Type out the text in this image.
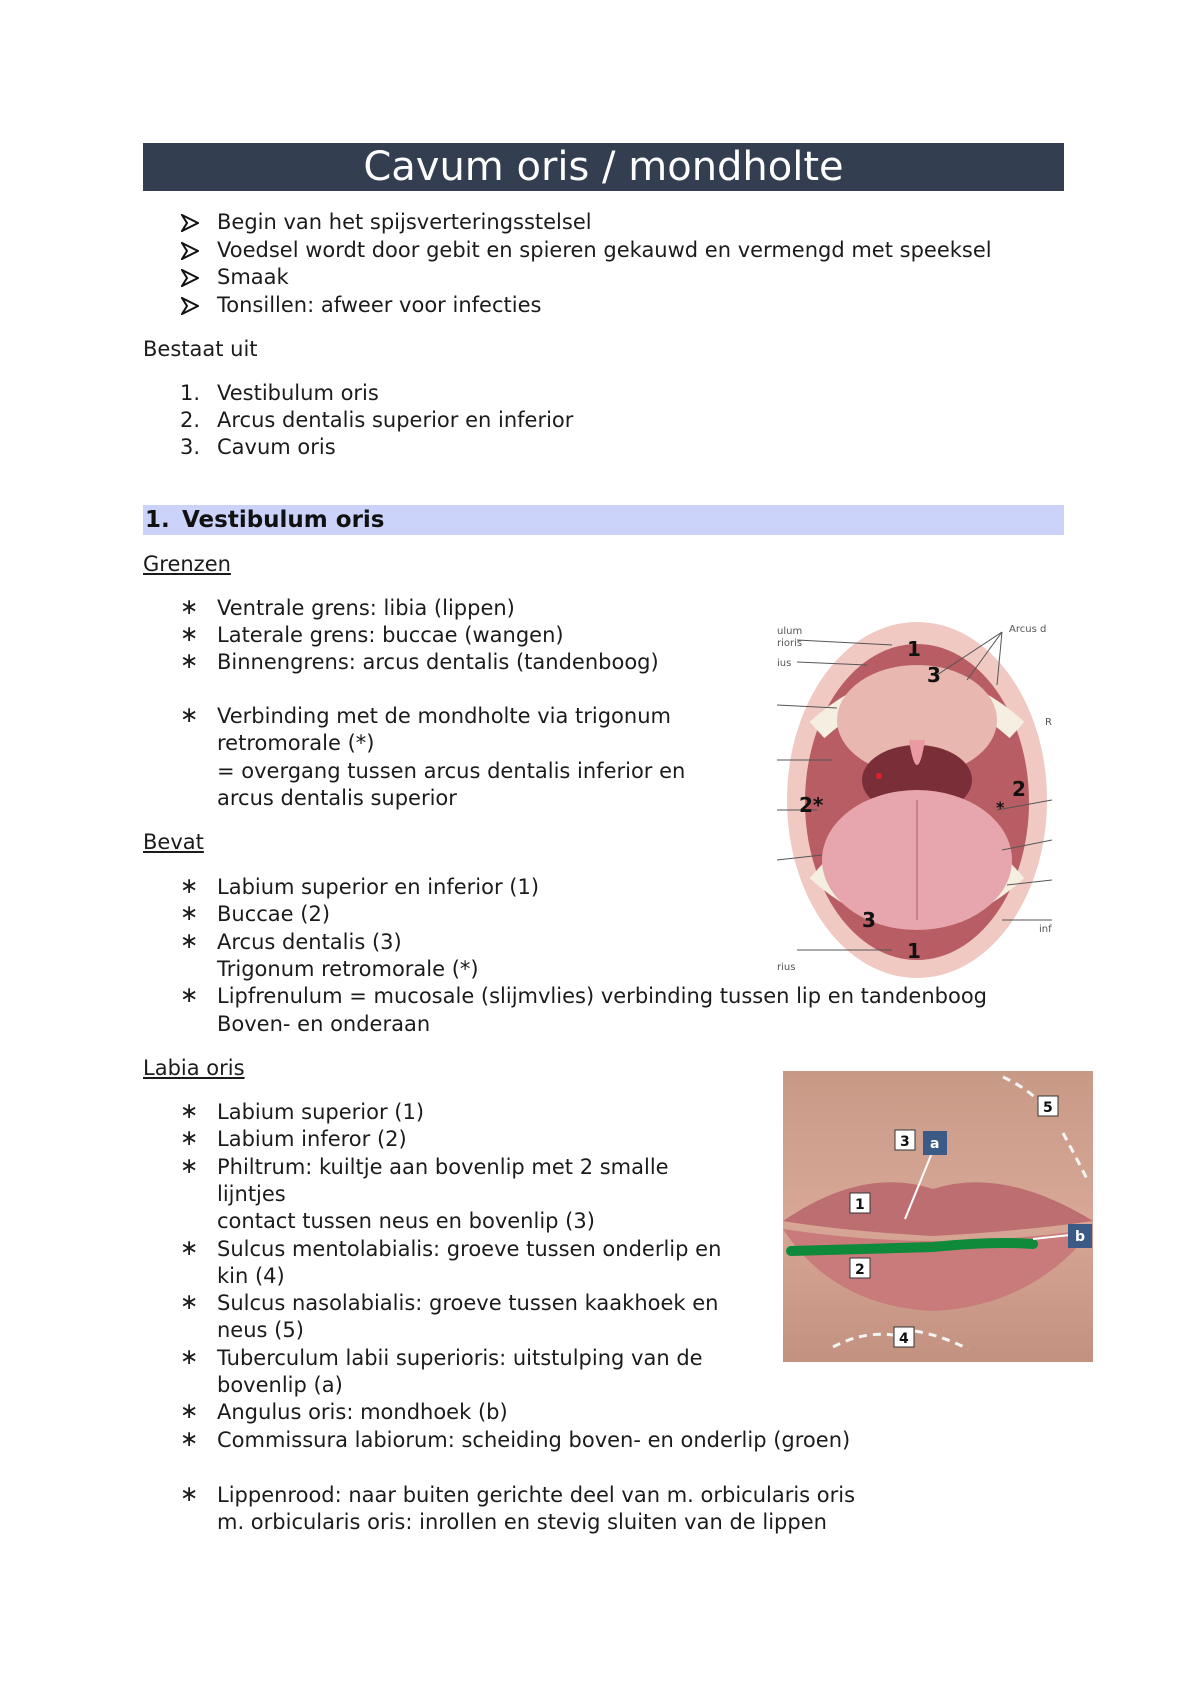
Cavum oris / mondholte
Begin van het spijsverteringsstelsel
Voedsel wordt door gebit en spieren gekauwd en vermengd met speeksel
Smaak
Tonsillen: afweer voor infecties
Bestaat uit
1. Vestibulum oris
2. Arcus dentalis superior en inferior
3. Cavum oris
1. Vestibulum oris
Grenzen
∗ Ventrale grens: libia (lippen)
∗ Laterale grens: buccae (wangen)
∗ Binnengrens: arcus dentalis (tandenboog)
∗ Verbinding met de mondholte via trigonum
retromorale (*)
= overgang tussen arcus dentalis inferior en
arcus dentalis superior
Bevat
∗ Labium superior en inferior (1)
∗ Buccae (2)
∗ Arcus dentalis (3)
Trigonum retromorale (*)
∗ Lipfrenulum = mucosale (slijmvlies) verbinding tussen lip en tandenboog
Boven- en onderaan
Labia oris
∗ Labium superior (1)
∗ Labium inferor (2)
∗ Philtrum: kuiltje aan bovenlip met 2 smalle
lijntjes
contact tussen neus en bovenlip (3)
∗ Sulcus mentolabialis: groeve tussen onderlip en
kin (4)
∗ Sulcus nasolabialis: groeve tussen kaakhoek en
neus (5)
∗ Tuberculum labii superioris: uitstulping van de
bovenlip (a)
∗ Angulus oris: mondhoek (b)
∗ Commissura labiorum: scheiding boven- en onderlip (groen)
∗ Lippenrood: naar buiten gerichte deel van m. orbicularis oris
m. orbicularis oris: inrollen en stevig sluiten van de lippen
1
3
2
2*	*
3
1
ulum
rioris
ius
rius
Arcus d
R
inf
5
3 a
1
b
2
4
